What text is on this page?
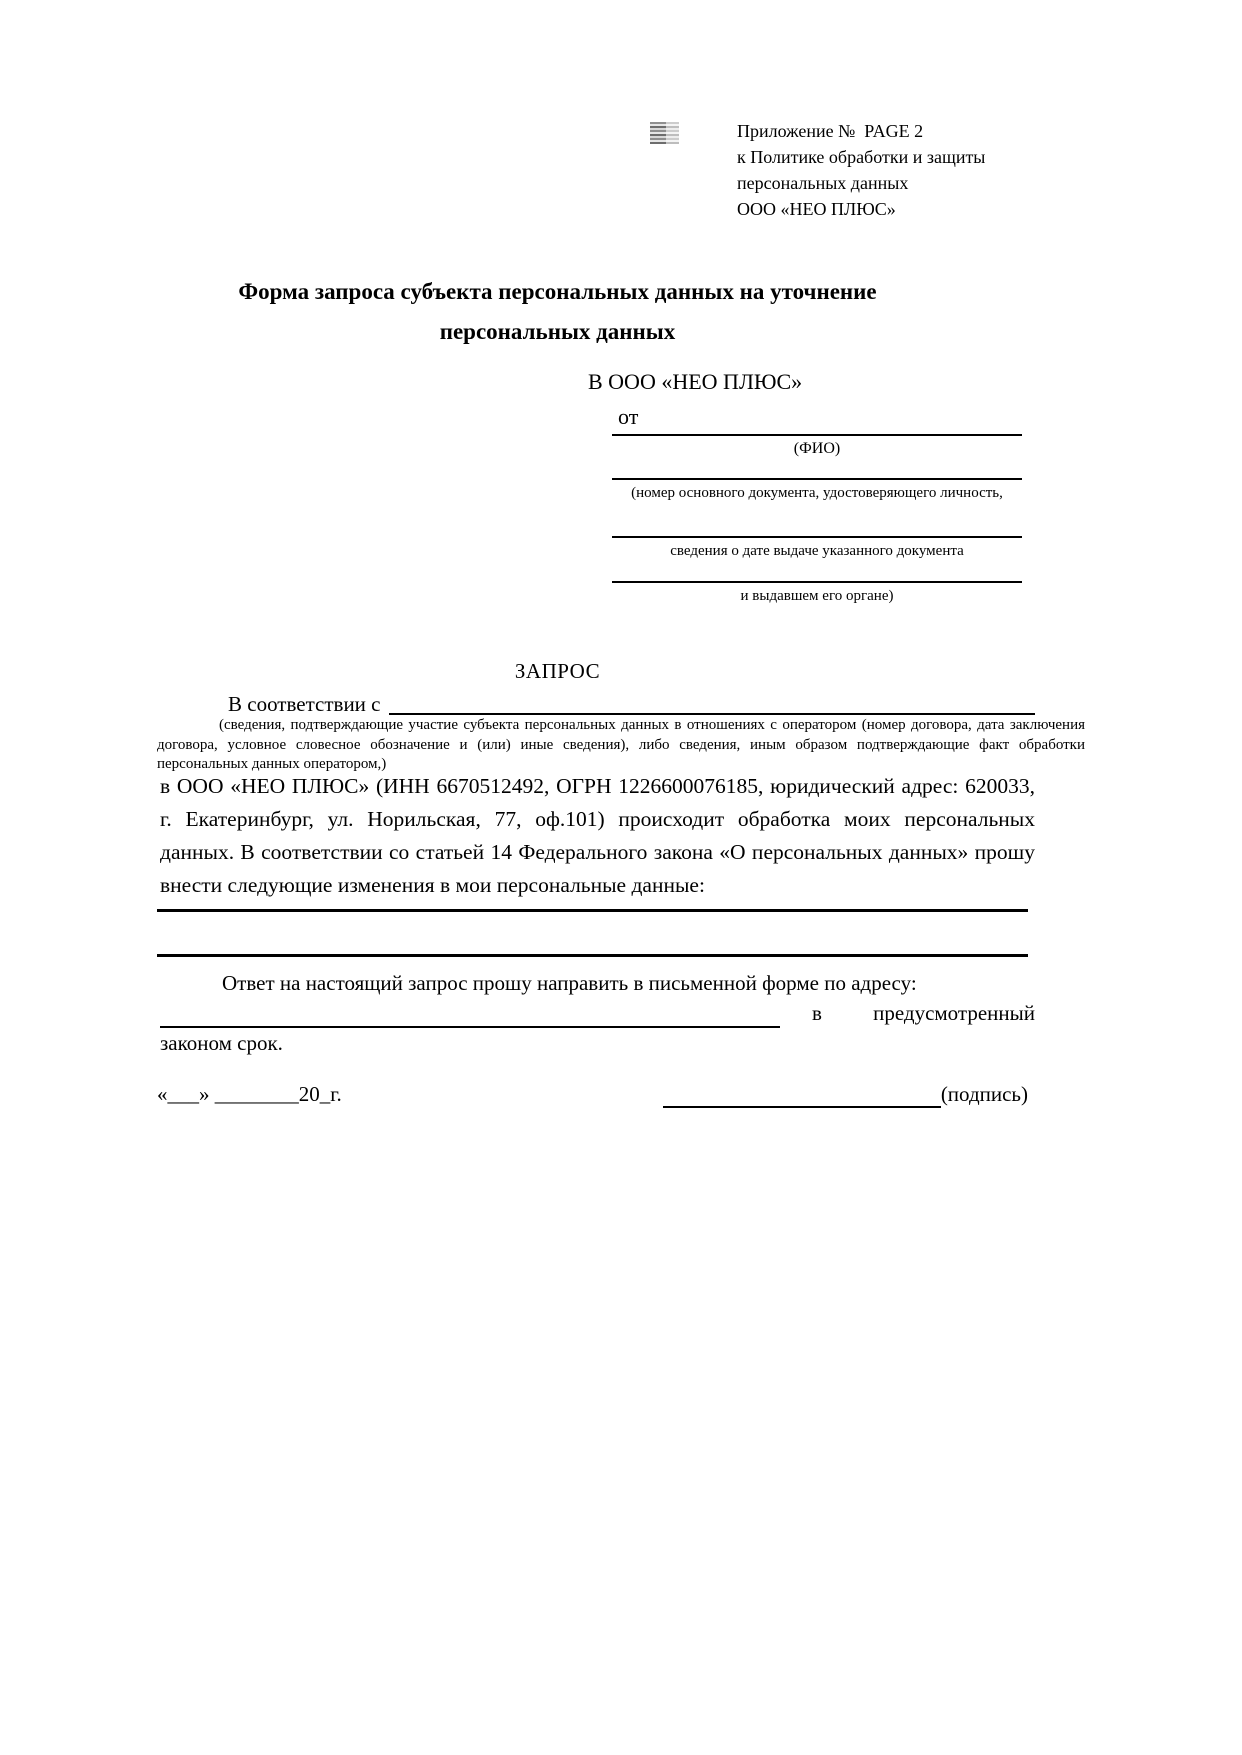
Приложение №  PAGE 2
к Политике обработки и защиты
персональных данных
ООО «НЕО ПЛЮС»
Форма запроса субъекта персональных данных на уточнение
персональных данных
В ООО «НЕО ПЛЮС»
от
(ФИО)
(номер основного документа, удостоверяющего личность,
сведения о дате выдаче указанного документа
и выдавшем его органе)
ЗАПРОС
В соответствии с

(сведения, подтверждающие участие субъекта персональных данных в отношениях с оператором (номер договора, дата заключения договора, условное словесное обозначение и (или) иные сведения), либо сведения, иным образом подтверждающие факт обработки персональных данных оператором,)

в ООО «НЕО ПЛЮС» (ИНН 6670512492, ОГРН 1226600076185, юридический адрес: 620033, г. Екатеринбург, ул. Норильская, 77, оф.101) происходит обработка моих персональных данных. В соответствии со статьей 14 Федерального закона «О персональных данных» прошу внести следующие изменения в мои персональные данные:

Ответ на настоящий запрос прошу направить в письменной форме по адресу:

в предусмотренный

законом срок.

«___» ________20_г.	(подпись)
